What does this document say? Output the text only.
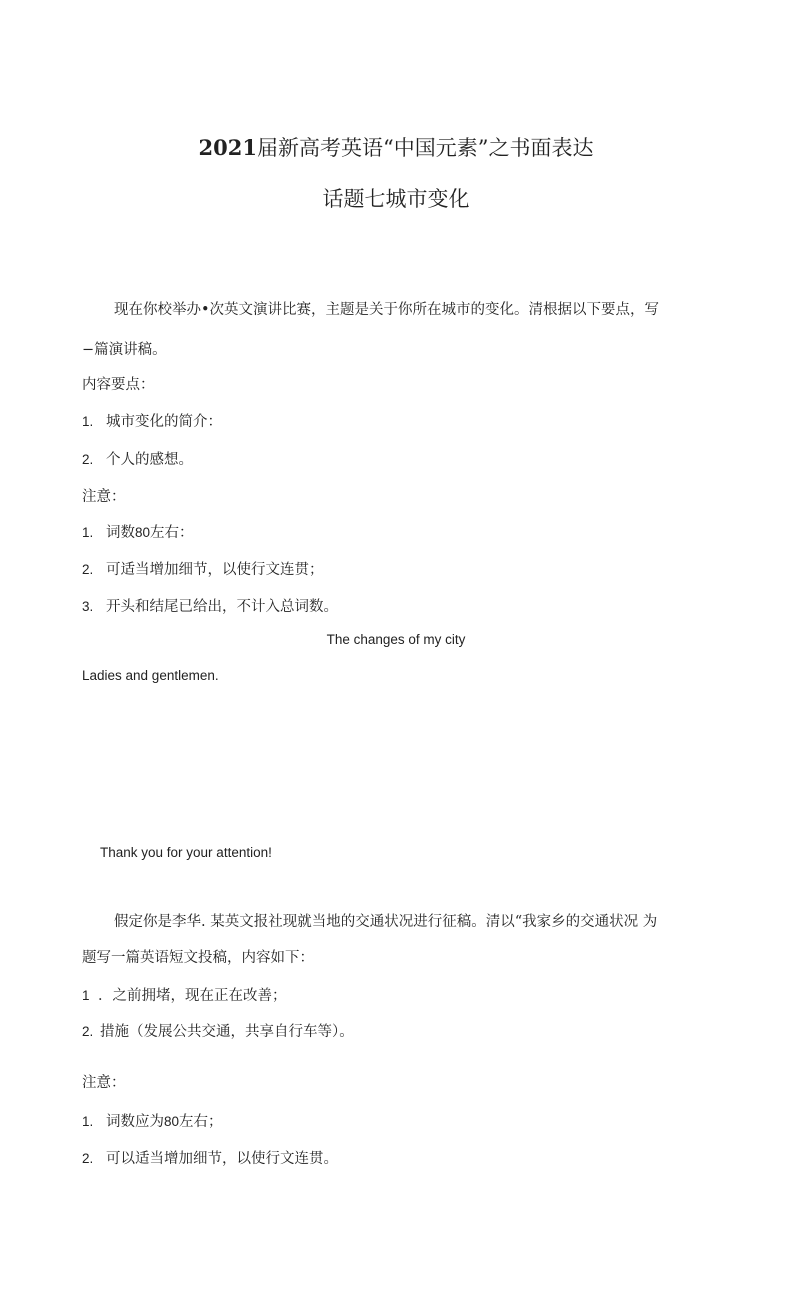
2021届新高考英语“中国元素”之书面表达
话题七城市变化
现在你校举办•次英文演讲比赛，主题是关于你所在城市的变化。清根据以下要点，写
−篇演讲稿。
内容要点：
1. 城市变化的简介：
2. 个人的感想。
注意：
1. 词数80左右：
2. 可适当增加细节，以使行文连贯；
3. 开头和结尾已给出，不计入总词数。
The changes of my city
Ladies and gentlemen.
Thank you for your attention!
假定你是李华. 某英文报社现就当地的交通状况进行征稿。清以“我家乡的交通状况 为
题写一篇英语短文投稿，内容如下：
1 ．之前拥堵，现在正在改善；
2. 措施（发展公共交通，共享自行车等）。
注意：
1. 词数应为80左右；
2. 可以适当增加细节，以使行文连贯。
